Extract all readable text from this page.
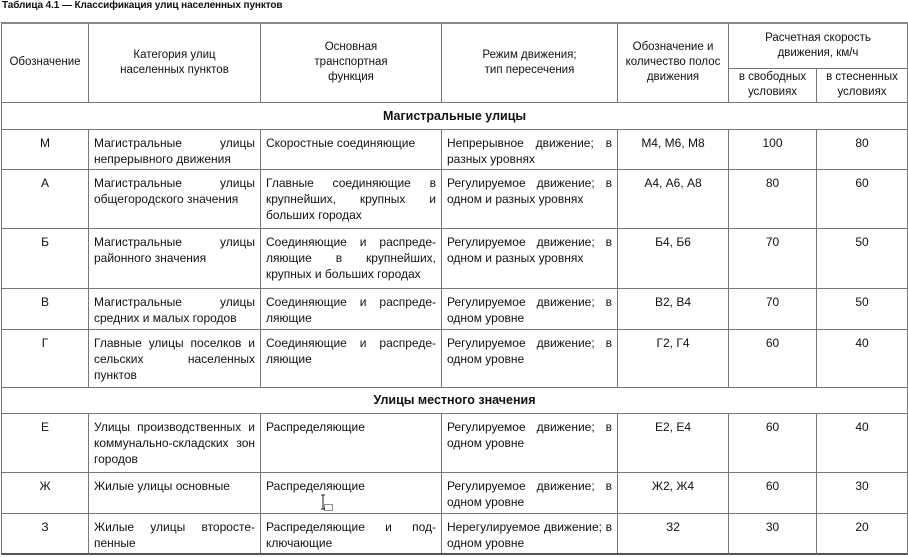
Таблица 4.1 — Классификация улиц населенных пунктов
Обозначение	Категория улиц населенных пунктов	Основная транспортная функция	Режим движения; тип пересечения	Обозначение и количество полос движения	Расчетная скорость движения, км/ч	
					в свободных условиях	в стесненных условиях
Магистральные улицы						
М	Магистральные улицы непрерывного движения	Скоростные соединяющие	Непрерывное движение; в разных уровнях	М4, М6, М8	100	80
А	Магистральные улицы общегородского значения	Главные соединяющие в крупнейших, крупных и больших городах	Регулируемое движение; в одном и разных уровнях	А4, А6, А8	80	60
Б	Магистральные улицы районного значения	Соединяющие и распределяющие в крупнейших, крупных и больших городах	Регулируемое движение; в одном и разных уровнях	Б4, Б6	70	50
В	Магистральные улицы средних и малых городов	Соединяющие и распределяющие	Регулируемое движение; в одном уровне	В2, В4	70	50
Г	Главные улицы поселков и сельских населенных пунктов	Соединяющие и распределяющие	Регулируемое движение; в одном уровне	Г2, Г4	60	40
Улицы местного значения						
Е	Улицы производственных и коммунально-складских зон городов	Распределяющие	Регулируемое движение; в одном уровне	Е2, Е4	60	40
Ж	Жилые улицы основные	Распределяющие	Регулируемое движение; в одном уровне	Ж2, Ж4	60	30
З	Жилые улицы второстепенные	Распределяющие и подключающие	Нерегулируемое движение; в одном уровне	З2	30	20
